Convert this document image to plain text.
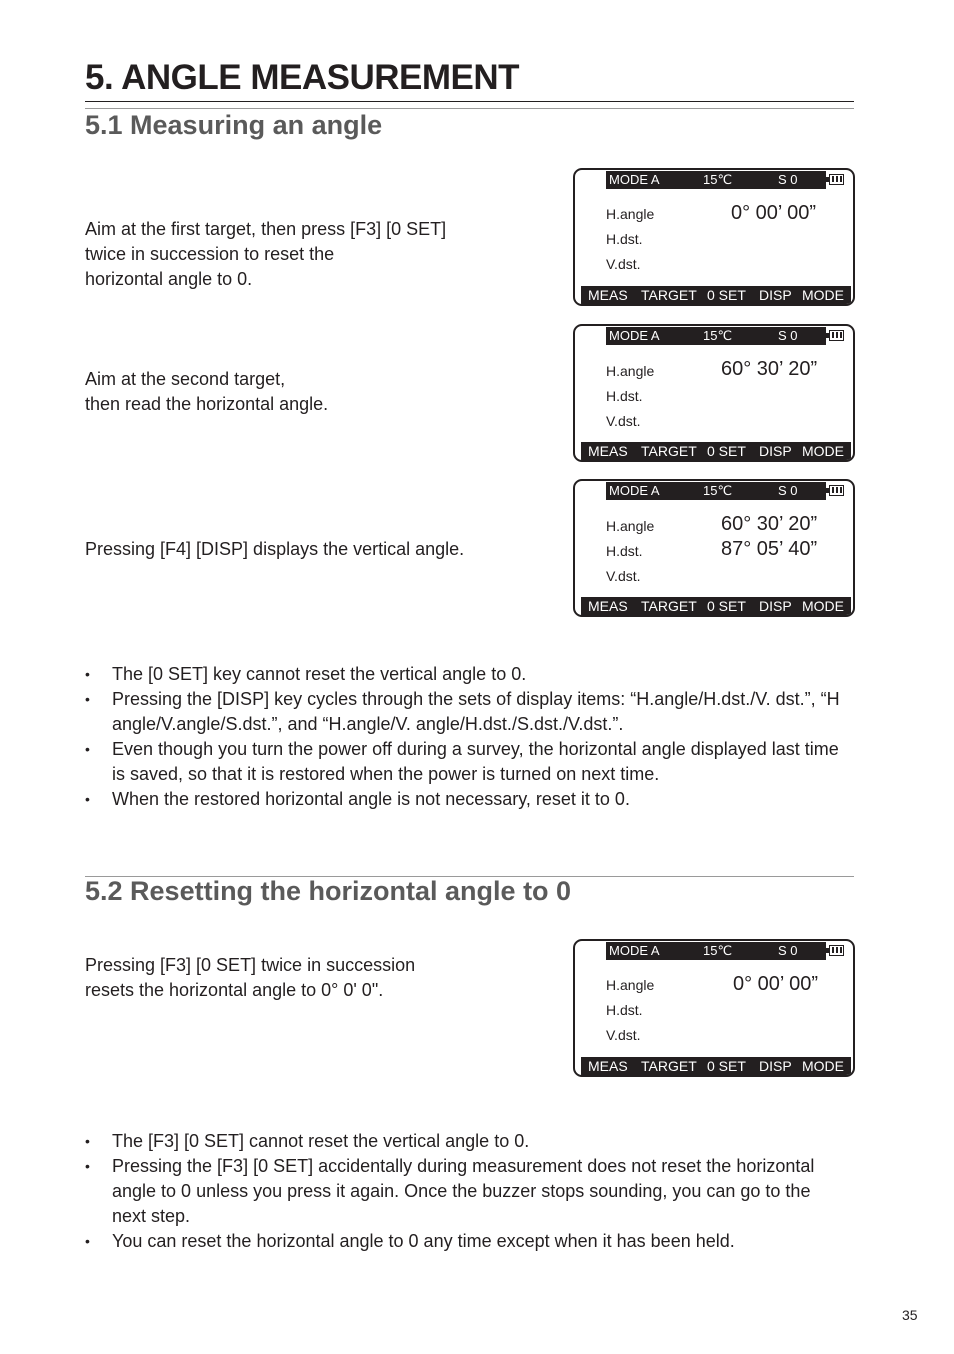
5. ANGLE MEASUREMENT
5.1 Measuring an angle

Aim at the first target, then press [F3] [0 SET]
twice in succession to reset the
horizontal angle to 0.

Aim at the second target,
then read the horizontal angle.

Pressing [F4] [DISP] displays the vertical angle.

MODE A	15℃	S 0
H.angle
H.dst.
V.dst.
0° 00’ 00”
MEAS TARGET 0 SET DISP MODE
MODE A	15℃	S 0
H.angle
H.dst.
V.dst.
60° 30’ 20”
MEAS TARGET 0 SET DISP MODE
MODE A	15℃	S 0
H.angle
H.dst.
V.dst.
60° 30’ 20”
87° 05’ 40”
MEAS TARGET 0 SET DISP MODE
• The [0 SET] key cannot reset the vertical angle to 0.
• Pressing the [DISP] key cycles through the sets of display items: “H.angle/H.dst./V. dst.”, “H angle/V.angle/S.dst.”, and “H.angle/V. angle/H.dst./S.dst./V.dst.”.
• Even though you turn the power off during a survey, the horizontal angle displayed last time is saved, so that it is restored when the power is turned on next time.
• When the restored horizontal angle is not necessary, reset it to 0.
5.2 Resetting the horizontal angle to 0

Pressing [F3] [0 SET] twice in succession
resets the horizontal angle to 0° 0' 0".

MODE A	15℃	S 0
H.angle
H.dst.
V.dst.
0° 00’ 00”
MEAS TARGET 0 SET DISP MODE
• The [F3] [0 SET] cannot reset the vertical angle to 0.
• Pressing the [F3] [0 SET] accidentally during measurement does not reset the horizontal angle to 0 unless you press it again. Once the buzzer stops sounding, you can go to the next step.
• You can reset the horizontal angle to 0 any time except when it has been held.
35
